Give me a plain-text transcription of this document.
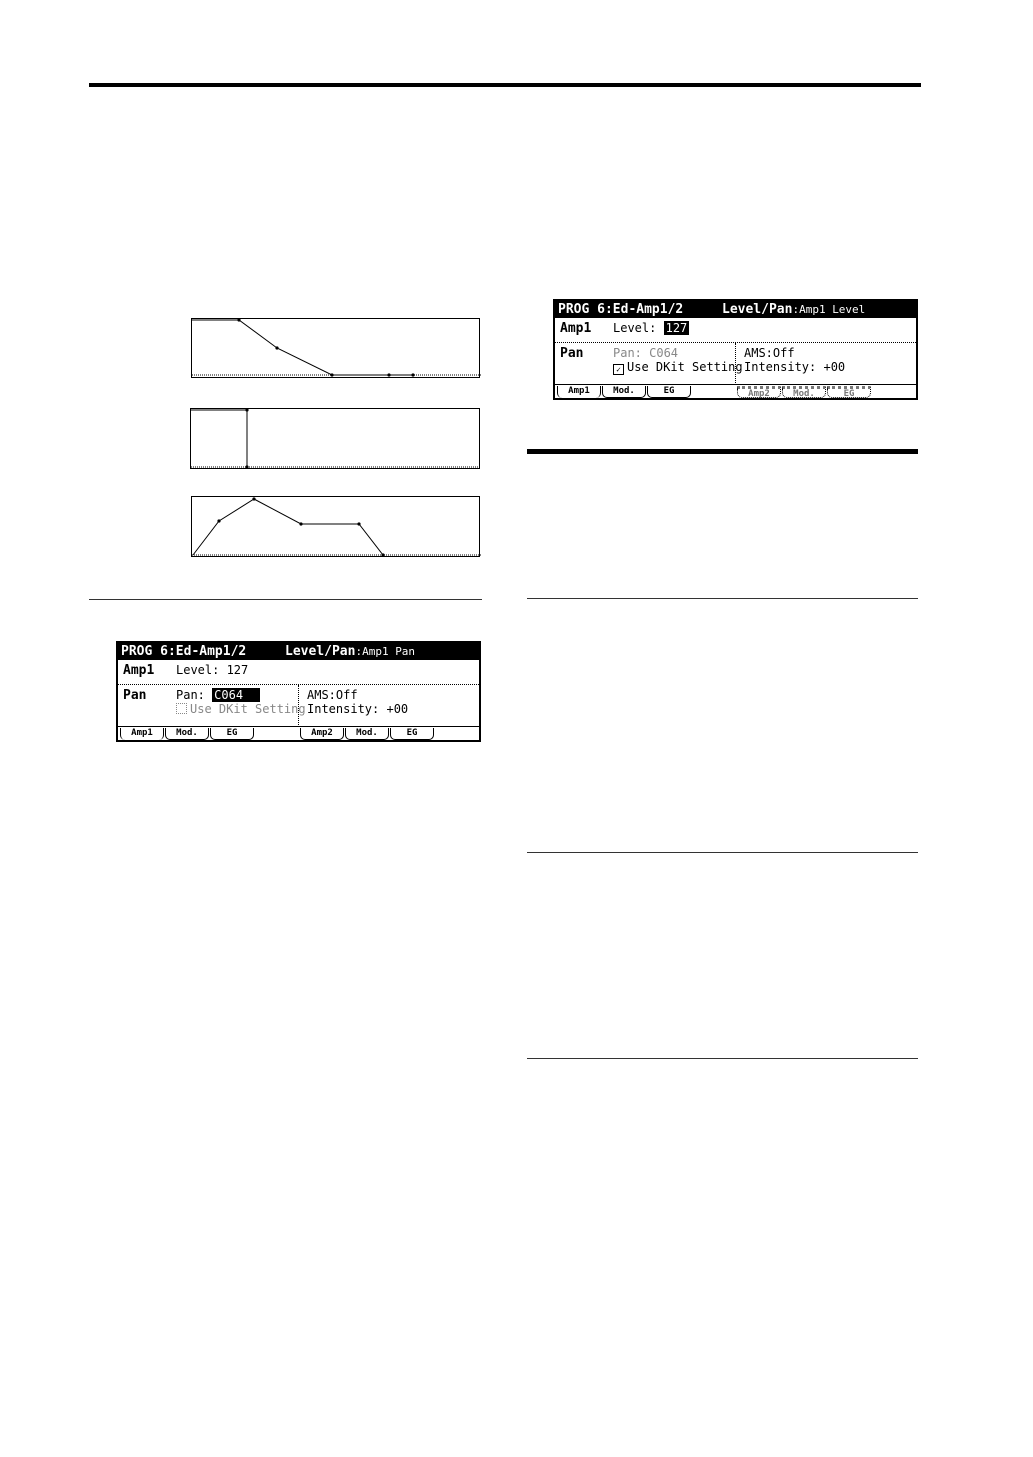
PROG 6:Ed-Amp1/2	Level/Pan:Amp1 Pan
Amp1 Level: 127
Pan Pan: C064
Use DKit Setting
AMS:Off
Intensity: +00
Amp1	Mod.	EG	Amp2	Mod.	EG
PROG 6:Ed-Amp1/2	Level/Pan:Amp1 Level
Amp1 Level: 127
Pan Pan: C064
✓ Use DKit Setting
AMS:Off
Intensity: +00
Amp1	Mod.	EG	Amp2	Mod.	EG
